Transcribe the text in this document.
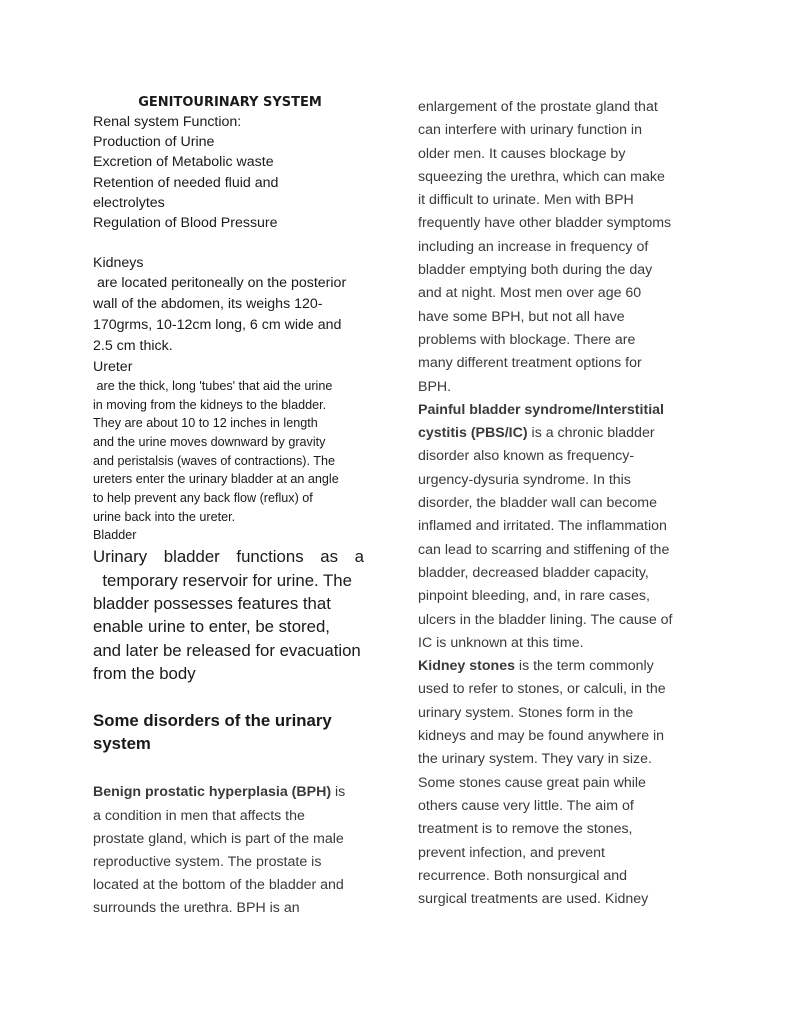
GENITOURINARY SYSTEM

Renal system Function:

Production of Urine

Excretion of Metabolic waste

Retention of needed fluid and

electrolytes

Regulation of Blood Pressure

Kidneys

are located peritoneally on the posterior

wall of the abdomen, its weighs 120-

170grms, 10-12cm long, 6 cm wide and

2.5 cm thick.

Ureter

are the thick, long 'tubes' that aid the urine

in moving from the kidneys to the bladder.

They are about 10 to 12 inches in length

and the urine moves downward by gravity

and peristalsis (waves of contractions). The

ureters enter the urinary bladder at an angle

to help prevent any back flow (reflux) of

urine back into the ureter.

Bladder

Urinary bladder functions as a

temporary reservoir for urine. The

bladder possesses features that

enable urine to enter, be stored,

and later be released for evacuation

from the body

Some disorders of the urinary

system

Benign prostatic hyperplasia (BPH) is

a condition in men that affects the

prostate gland, which is part of the male

reproductive system. The prostate is

located at the bottom of the bladder and

surrounds the urethra. BPH is an

enlargement of the prostate gland that

can interfere with urinary function in

older men. It causes blockage by

squeezing the urethra, which can make

it difficult to urinate. Men with BPH

frequently have other bladder symptoms

including an increase in frequency of

bladder emptying both during the day

and at night. Most men over age 60

have some BPH, but not all have

problems with blockage. There are

many different treatment options for

BPH.

Painful bladder syndrome/Interstitial

cystitis (PBS/IC) is a chronic bladder

disorder also known as frequency-

urgency-dysuria syndrome. In this

disorder, the bladder wall can become

inflamed and irritated. The inflammation

can lead to scarring and stiffening of the

bladder, decreased bladder capacity,

pinpoint bleeding, and, in rare cases,

ulcers in the bladder lining. The cause of

IC is unknown at this time.

Kidney stones is the term commonly

used to refer to stones, or calculi, in the

urinary system. Stones form in the

kidneys and may be found anywhere in

the urinary system. They vary in size.

Some stones cause great pain while

others cause very little. The aim of

treatment is to remove the stones,

prevent infection, and prevent

recurrence. Both nonsurgical and

surgical treatments are used. Kidney
